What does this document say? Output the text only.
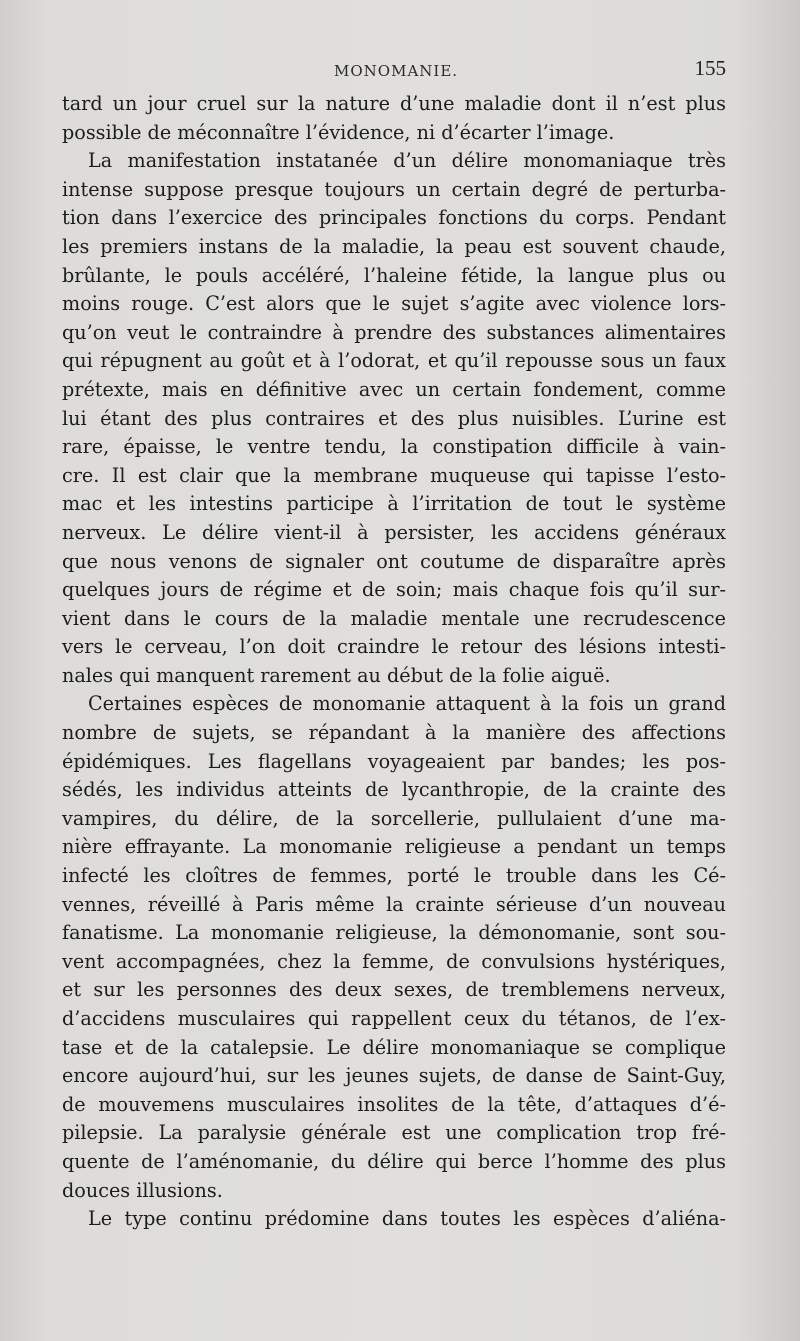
MONOMANIE.	155
tard un jour cruel sur la nature d’une maladie dont il n’est plus
possible de méconnaître l’évidence, ni d’écarter l’image.
La manifestation instatanée d’un délire monomaniaque très
intense suppose presque toujours un certain degré de perturba-
tion dans l’exercice des principales fonctions du corps. Pendant
les premiers instans de la maladie, la peau est souvent chaude,
brûlante, le pouls accéléré, l’haleine fétide, la langue plus ou
moins rouge. C’est alors que le sujet s’agite avec violence lors-
qu’on veut le contraindre à prendre des substances alimentaires
qui répugnent au goût et à l’odorat, et qu’il repousse sous un faux
prétexte, mais en définitive avec un certain fondement, comme
lui étant des plus contraires et des plus nuisibles. L’urine est
rare, épaisse, le ventre tendu, la constipation difficile à vain-
cre. Il est clair que la membrane muqueuse qui tapisse l’esto-
mac et les intestins participe à l’irritation de tout le système
nerveux. Le délire vient-il à persister, les accidens généraux
que nous venons de signaler ont coutume de disparaître après
quelques jours de régime et de soin; mais chaque fois qu’il sur-
vient dans le cours de la maladie mentale une recrudescence
vers le cerveau, l’on doit craindre le retour des lésions intesti-
nales qui manquent rarement au début de la folie aiguë.
Certaines espèces de monomanie attaquent à la fois un grand
nombre de sujets, se répandant à la manière des affections
épidémiques. Les flagellans voyageaient par bandes; les pos-
sédés, les individus atteints de lycanthropie, de la crainte des
vampires, du délire, de la sorcellerie, pullulaient d’une ma-
nière effrayante. La monomanie religieuse a pendant un temps
infecté les cloîtres de femmes, porté le trouble dans les Cé-
vennes, réveillé à Paris même la crainte sérieuse d’un nouveau
fanatisme. La monomanie religieuse, la démonomanie, sont sou-
vent accompagnées, chez la femme, de convulsions hystériques,
et sur les personnes des deux sexes, de tremblemens nerveux,
d’accidens musculaires qui rappellent ceux du tétanos, de l’ex-
tase et de la catalepsie. Le délire monomaniaque se complique
encore aujourd’hui, sur les jeunes sujets, de danse de Saint-Guy,
de mouvemens musculaires insolites de la tête, d’attaques d’é-
pilepsie. La paralysie générale est une complication trop fré-
quente de l’aménomanie, du délire qui berce l’homme des plus
douces illusions.
Le type continu prédomine dans toutes les espèces d’aliéna-
